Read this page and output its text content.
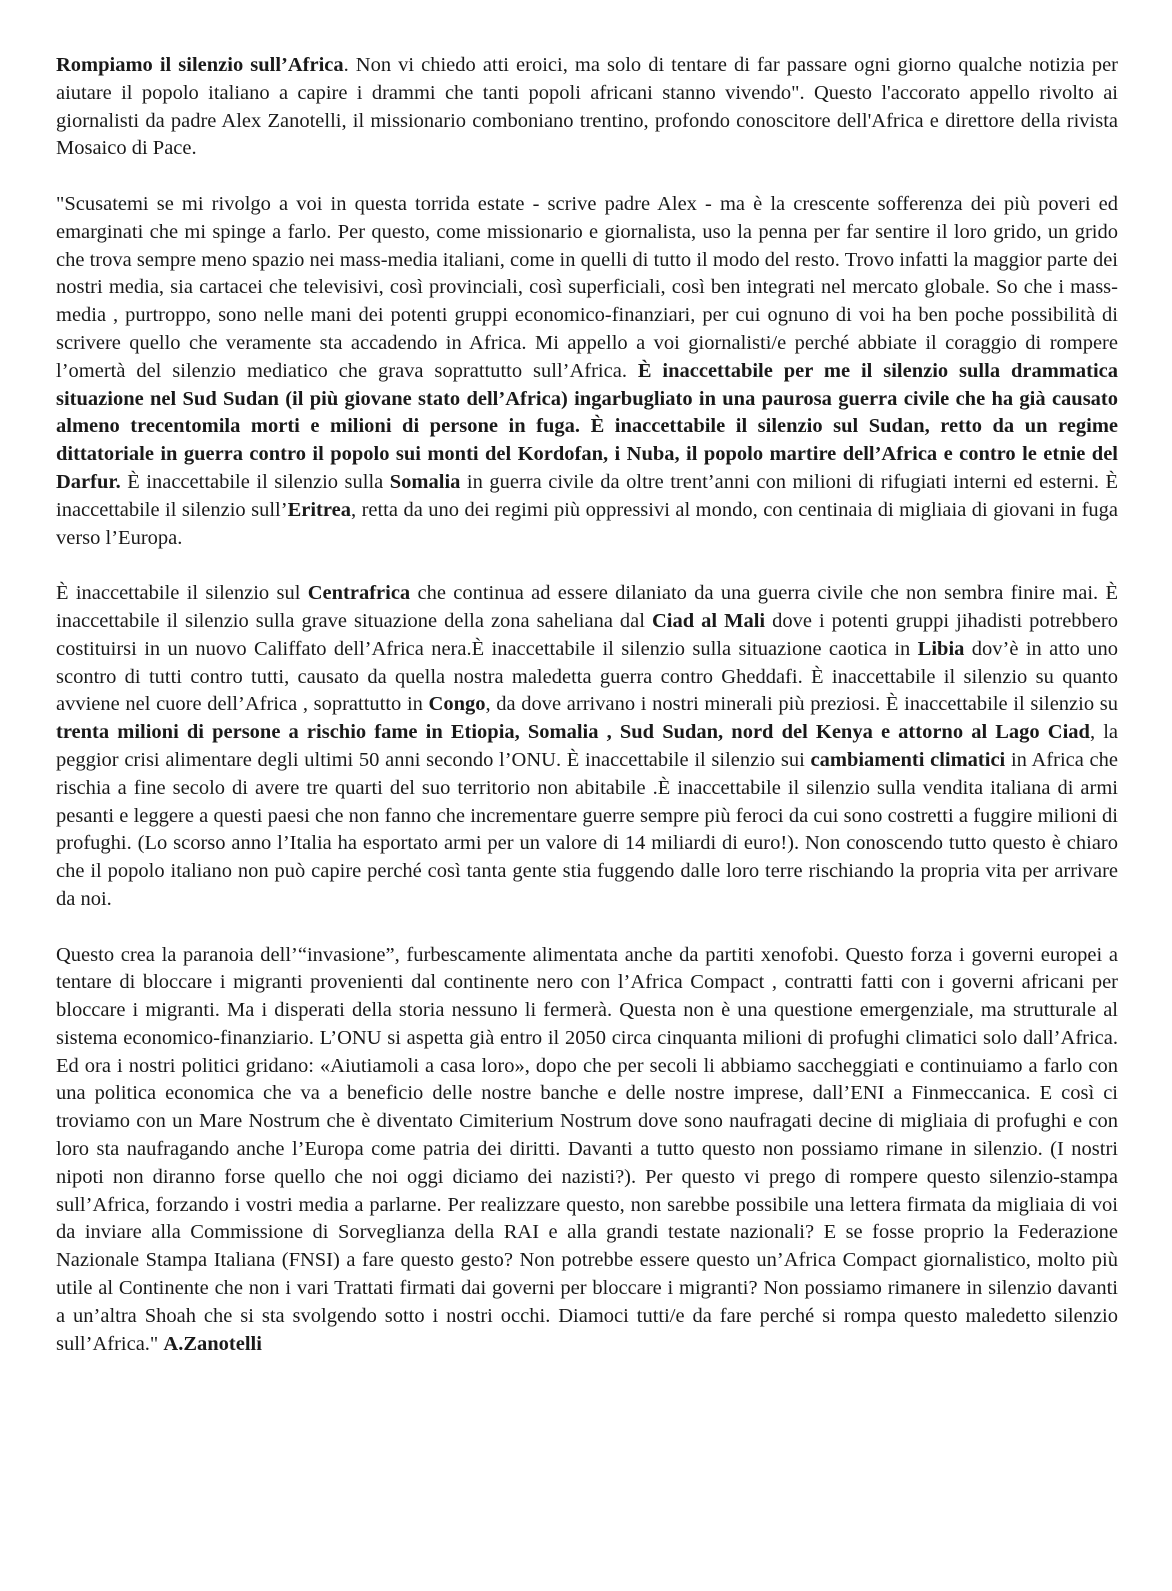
Rompiamo il silenzio sull’Africa. Non vi chiedo atti eroici, ma solo di tentare di far passare ogni giorno qualche notizia per aiutare il popolo italiano a capire i drammi che tanti popoli africani stanno vivendo". Questo l'accorato appello rivolto ai giornalisti da padre Alex Zanotelli, il missionario comboniano trentino, profondo conoscitore dell'Africa e direttore della rivista Mosaico di Pace.

"Scusatemi se mi rivolgo a voi in questa torrida estate - scrive padre Alex - ma è la crescente sofferenza dei più poveri ed emarginati che mi spinge a farlo. Per questo, come missionario e giornalista, uso la penna per far sentire il loro grido, un grido che trova sempre meno spazio nei mass-media italiani, come in quelli di tutto il modo del resto. Trovo infatti la maggior parte dei nostri media, sia cartacei che televisivi, così provinciali, così superficiali, così ben integrati nel mercato globale. So che i mass-media , purtroppo, sono nelle mani dei potenti gruppi economico-finanziari, per cui ognuno di voi ha ben poche possibilità di scrivere quello che veramente sta accadendo in Africa. Mi appello a voi giornalisti/e perché abbiate il coraggio di rompere l’omertà del silenzio mediatico che grava soprattutto sull’Africa. È inaccettabile per me il silenzio sulla drammatica situazione nel Sud Sudan (il più giovane stato dell’Africa) ingarbugliato in una paurosa guerra civile che ha già causato almeno trecentomila morti e milioni di persone in fuga. È inaccettabile il silenzio sul Sudan, retto da un regime dittatoriale in guerra contro il popolo sui monti del Kordofan, i Nuba, il popolo martire dell’Africa e contro le etnie del Darfur. È inaccettabile il silenzio sulla Somalia in guerra civile da oltre trent’anni con milioni di rifugiati interni ed esterni. È inaccettabile il silenzio sull’Eritrea, retta da uno dei regimi più oppressivi al mondo, con centinaia di migliaia di giovani in fuga verso l’Europa.

È inaccettabile il silenzio sul Centrafrica che continua ad essere dilaniato da una guerra civile che non sembra finire mai. È inaccettabile il silenzio sulla grave situazione della zona saheliana dal Ciad al Mali dove i potenti gruppi jihadisti potrebbero costituirsi in un nuovo Califfato dell’Africa nera.È inaccettabile il silenzio sulla situazione caotica in Libia dov’è in atto uno scontro di tutti contro tutti, causato da quella nostra maledetta guerra contro Gheddafi. È inaccettabile il silenzio su quanto avviene nel cuore dell’Africa , soprattutto in Congo, da dove arrivano i nostri minerali più preziosi. È inaccettabile il silenzio su trenta milioni di persone a rischio fame in Etiopia, Somalia , Sud Sudan, nord del Kenya e attorno al Lago Ciad, la peggior crisi alimentare degli ultimi 50 anni secondo l’ONU. È inaccettabile il silenzio sui cambiamenti climatici in Africa che rischia a fine secolo di avere tre quarti del suo territorio non abitabile .È inaccettabile il silenzio sulla vendita italiana di armi pesanti e leggere a questi paesi che non fanno che incrementare guerre sempre più feroci da cui sono costretti a fuggire milioni di profughi. (Lo scorso anno l’Italia ha esportato armi per un valore di 14 miliardi di euro!). Non conoscendo tutto questo è chiaro che il popolo italiano non può capire perché così tanta gente stia fuggendo dalle loro terre rischiando la propria vita per arrivare da noi.

Questo crea la paranoia dell’“invasione”, furbescamente alimentata anche da partiti xenofobi. Questo forza i governi europei a tentare di bloccare i migranti provenienti dal continente nero con l’Africa Compact , contratti fatti con i governi africani per bloccare i migranti. Ma i disperati della storia nessuno li fermerà. Questa non è una questione emergenziale, ma strutturale al sistema economico-finanziario. L’ONU si aspetta già entro il 2050 circa cinquanta milioni di profughi climatici solo dall’Africa. Ed ora i nostri politici gridano: «Aiutiamoli a casa loro», dopo che per secoli li abbiamo saccheggiati e continuiamo a farlo con una politica economica che va a beneficio delle nostre banche e delle nostre imprese, dall’ENI a Finmeccanica. E così ci troviamo con un Mare Nostrum che è diventato Cimiterium Nostrum dove sono naufragati decine di migliaia di profughi e con loro sta naufragando anche l’Europa come patria dei diritti. Davanti a tutto questo non possiamo rimane in silenzio. (I nostri nipoti non diranno forse quello che noi oggi diciamo dei nazisti?). Per questo vi prego di rompere questo silenzio-stampa sull’Africa, forzando i vostri media a parlarne. Per realizzare questo, non sarebbe possibile una lettera firmata da migliaia di voi da inviare alla Commissione di Sorveglianza della RAI e alla grandi testate nazionali? E se fosse proprio la Federazione Nazionale Stampa Italiana (FNSI) a fare questo gesto? Non potrebbe essere questo un’Africa Compact giornalistico, molto più utile al Continente che non i vari Trattati firmati dai governi per bloccare i migranti? Non possiamo rimanere in silenzio davanti a un’altra Shoah che si sta svolgendo sotto i nostri occhi. Diamoci tutti/e da fare perché si rompa questo maledetto silenzio sull’Africa." A.Zanotelli
